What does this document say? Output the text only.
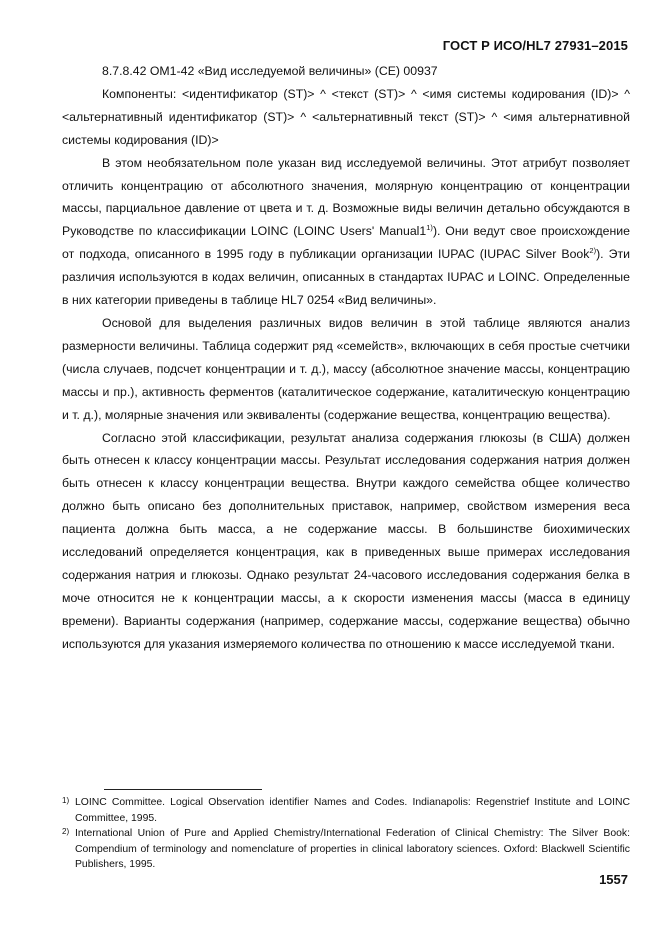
ГОСТ Р ИСО/HL7 27931–2015

8.7.8.42 OM1-42 «Вид исследуемой величины» (CE) 00937

Компоненты: <идентификатор (ST)> ^ <текст (ST)> ^ <имя системы кодирования (ID)> ^ <альтернативный идентификатор (ST)> ^ <альтернативный текст (ST)> ^ <имя альтернативной системы кодирования (ID)>

В этом необязательном поле указан вид исследуемой величины. Этот атрибут позволяет отличить концентрацию от абсолютного значения, молярную концентрацию от концентрации массы, парциальное давление от цвета и т. д. Возможные виды величин детально обсуждаются в Руководстве по классификации LOINC (LOINC Users' Manual1$^{1)}$). Они ведут свое происхождение от подхода, описанного в 1995 году в публикации организации IUPAC (IUPAC Silver Book$^{2)}$). Эти различия используются в кодах величин, описанных в стандартах IUPAC и LOINC. Определенные в них категории приведены в таблице HL7 0254 «Вид величины».

Основой для выделения различных видов величин в этой таблице являются анализ размерности величины. Таблица содержит ряд «семейств», включающих в себя простые счетчики (числа случаев, подсчет концентрации и т. д.), массу (абсолютное значение массы, концентрацию массы и пр.), активность ферментов (каталитическое содержание, каталитическую концентрацию и т. д.), молярные значения или эквиваленты (содержание вещества, концентрацию вещества).

Согласно этой классификации, результат анализа содержания глюкозы (в США) должен быть отнесен к классу концентрации массы. Результат исследования содержания натрия должен быть отнесен к классу концентрации вещества. Внутри каждого семейства общее количество должно быть описано без дополнительных приставок, например, свойством измерения веса пациента должна быть масса, а не содержание массы. В большинстве биохимических исследований определяется концентрация, как в приведенных выше примерах исследования содержания натрия и глюкозы. Однако результат 24-часового исследования содержания белка в моче относится не к концентрации массы, а к скорости изменения массы (масса в единицу времени). Варианты содержания (например, содержание массы, содержание вещества) обычно используются для указания измеряемого количества по отношению к массе исследуемой ткани.

1) LOINC Committee. Logical Observation identifier Names and Codes. Indianapolis: Regenstrief Institute and LOINC Committee, 1995.

2) International Union of Pure and Applied Chemistry/International Federation of Clinical Chemistry: The Silver Book: Compendium of terminology and nomenclature of properties in clinical laboratory sciences. Oxford: Blackwell Scientific Publishers, 1995.

1557
